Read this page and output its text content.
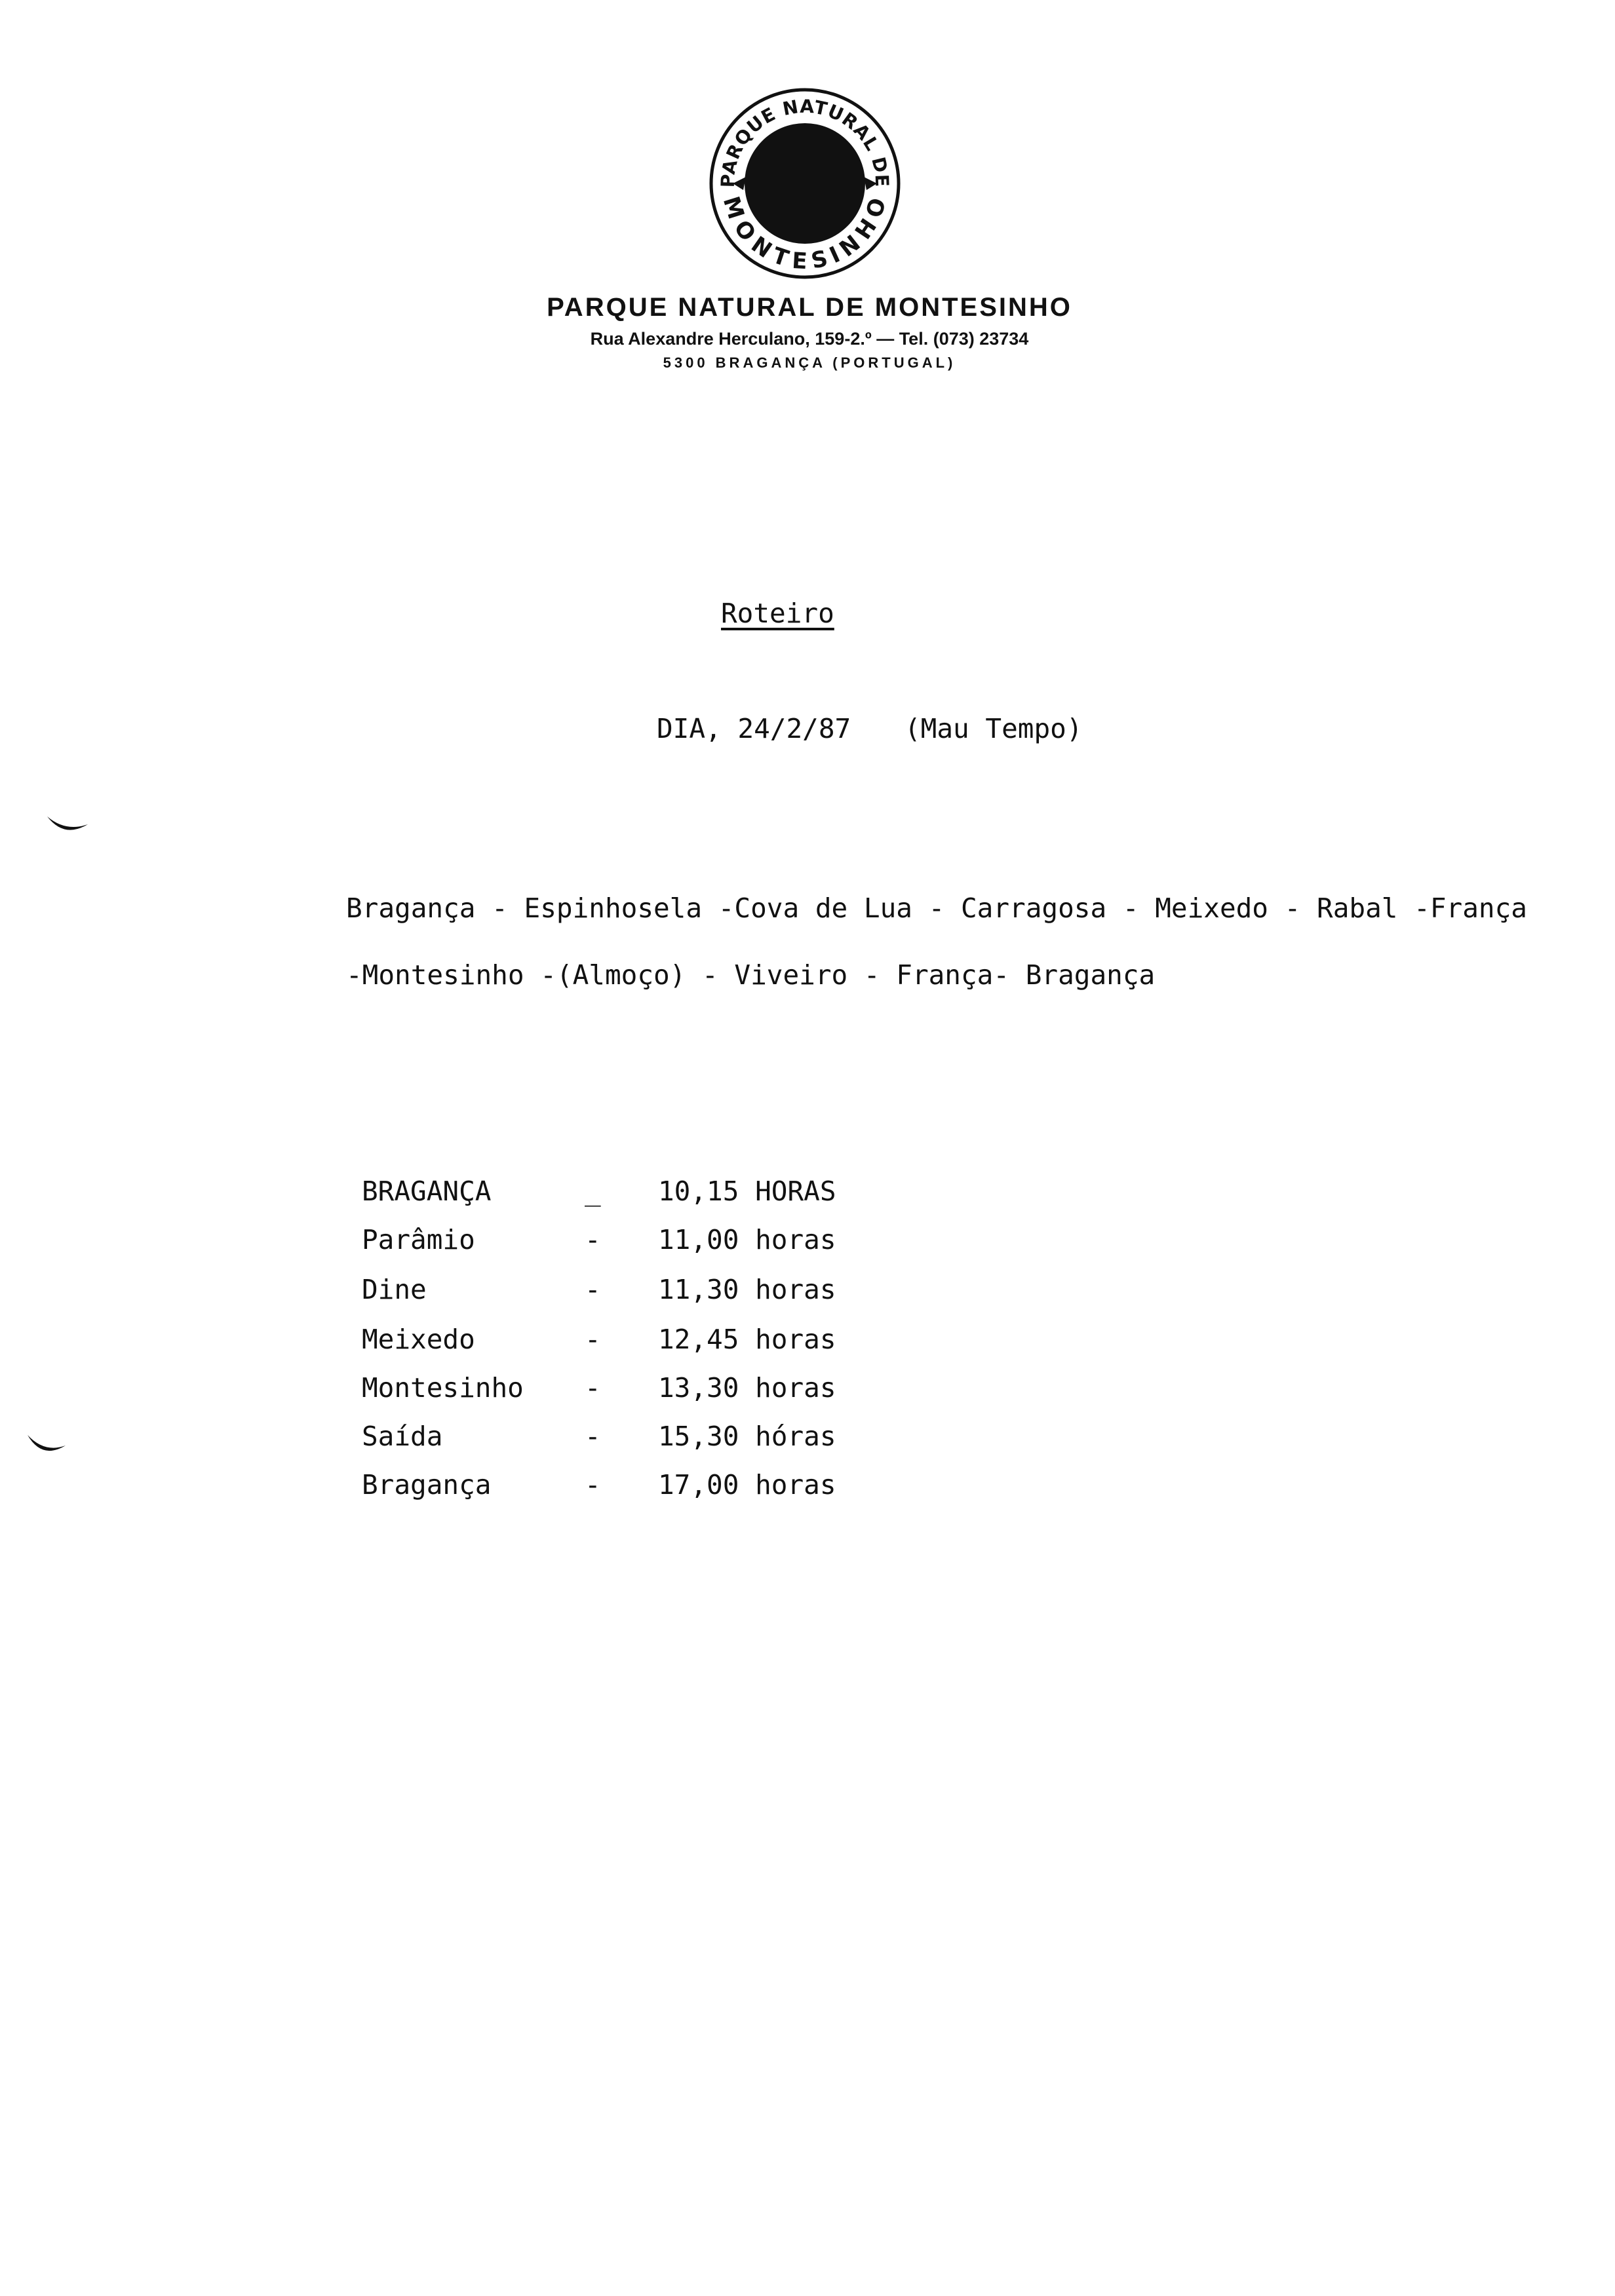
PARQUE NATURAL DE
MONTESINHO
PARQUE NATURAL DE MONTESINHO
Rua Alexandre Herculano, 159-2.º — Tel. (073) 23734
5300 BRAGANÇA (PORTUGAL)
Roteiro
DIA, 24/2/87 (Mau Tempo)
Bragança - Espinhosela -Cova de Lua - Carragosa - Meixedo - Rabal -França
-Montesinho -(Almoço) - Viveiro - França- Bragança
BRAGANÇA	_ 10,15 HORAS
Parâmio	- 11,00 horas
Dine	- 11,30 horas
Meixedo	- 12,45 horas
Montesinho - 13,30 horas
Saída	- 15,30 hóras
Bragança	- 17,00 horas
